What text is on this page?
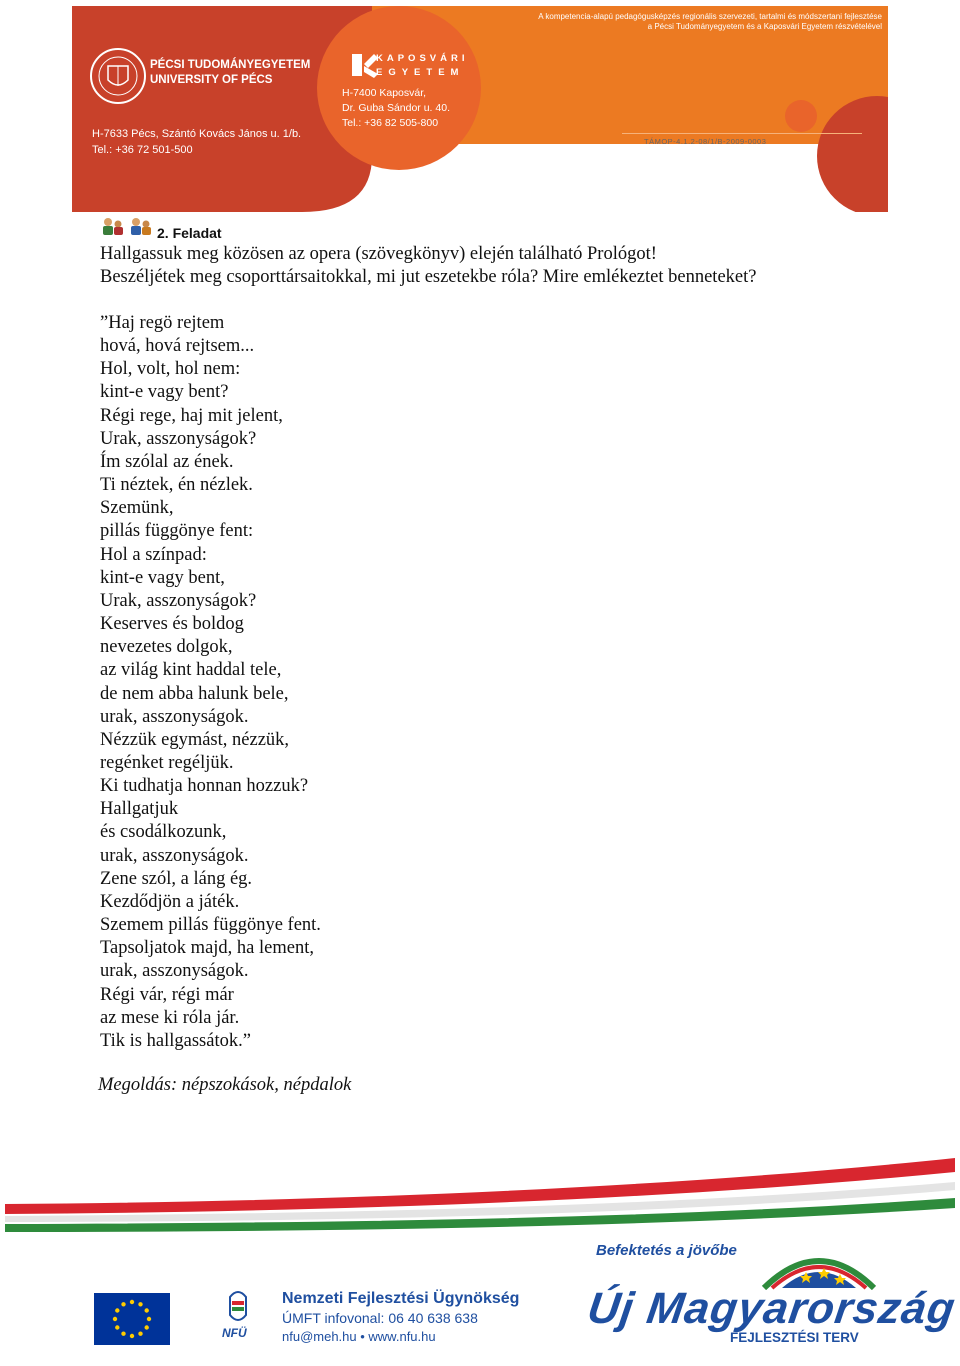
A kompetencia-alapú pedagógusképzés regionális szervezeti, tartalmi és módszertani fejlesztése
a Pécsi Tudományegyetem és a Kaposvári Egyetem részvételével
PÉCSI TUDOMÁNYEGYETEM
UNIVERSITY OF PÉCS
H-7633 Pécs, Szántó Kovács János u. 1/b.
Tel.: +36 72 501-500
KAPOSVÁRI
EGYETEM
H-7400 Kaposvár,
Dr. Guba Sándor u. 40.
Tel.: +36 82 505-800
TÁMOP-4.1.2-08/1/B-2009-0003
2. Feladat
Hallgassuk meg közösen az opera (szövegkönyv) elején található Prológot!
Beszéljétek meg csoporttársaitokkal, mi jut eszetekbe róla? Mire emlékeztet benneteket?
”Haj regö rejtem
hová, hová rejtsem...
Hol, volt, hol nem:
kint-e vagy bent?
Régi rege, haj mit jelent,
Urak, asszonyságok?
Ím szólal az ének.
Ti néztek, én nézlek.
Szemünk,
pillás függönye fent:
Hol a színpad:
kint-e vagy bent,
Urak, asszonyságok?
Keserves és boldog
nevezetes dolgok,
az világ kint haddal tele,
de nem abba halunk bele,
urak, asszonyságok.
Nézzük egymást, nézzük,
regénket regéljük.
Ki tudhatja honnan hozzuk?
Hallgatjuk
és csodálkozunk,
urak, asszonyságok.
Zene szól, a láng ég.
Kezdődjön a játék.
Szemem pillás függönye fent.
Tapsoljatok majd, ha lement,
urak, asszonyságok.
Régi vár, régi már
az mese ki róla jár.
Tik is hallgassátok.”
Megoldás: népszokások, népdalok
NFÜ
Nemzeti Fejlesztési Ügynökség
ÚMFT infovonal: 06 40 638 638
nfu@meh.hu • www.nfu.hu
Befektetés a jövőbe
Új Magyarország
FEJLESZTÉSI TERV
